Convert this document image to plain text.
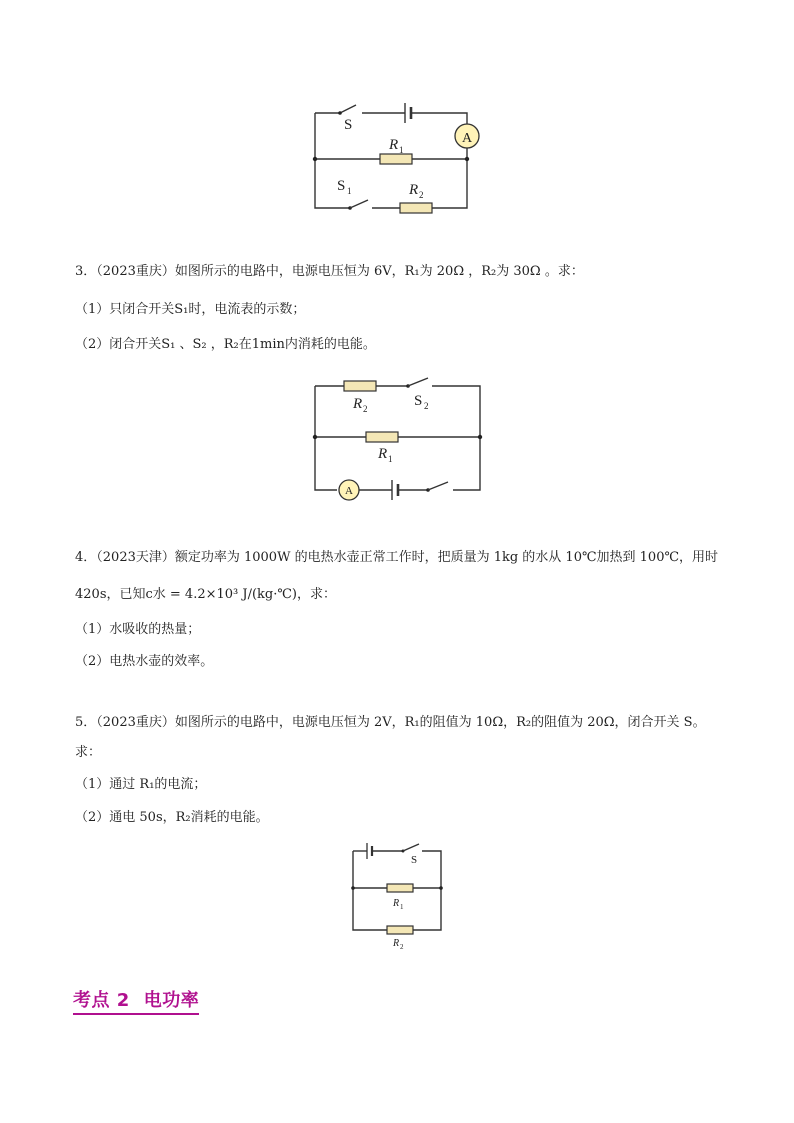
S
A
R 1
S 1	R 2
3．（2023重庆）如图所示的电路中，电源电压恒为 6V，R₁为 20Ω ，R₂为 30Ω 。求：
（1）只闭合开关S₁时，电流表的示数；
（2）闭合开关S₁ 、S₂ ，R₂在1min内消耗的电能。
R 2	S 2
R 1
A
4．（2023天津）额定功率为 1000W 的电热水壶正常工作时，把质量为 1kg 的水从 10℃加热到 100℃，用时
420s，已知c水 = 4.2×10³ J/(kg·℃)，求：
（1）水吸收的热量；
（2）电热水壶的效率。
5．（2023重庆）如图所示的电路中，电源电压恒为 2V，R₁的阻值为 10Ω，R₂的阻值为 20Ω，闭合开关 S。
求：
（1）通过 R₁的电流；
（2）通电 50s，R₂消耗的电能。
S
R 1
R 2
考点 2 电功率
